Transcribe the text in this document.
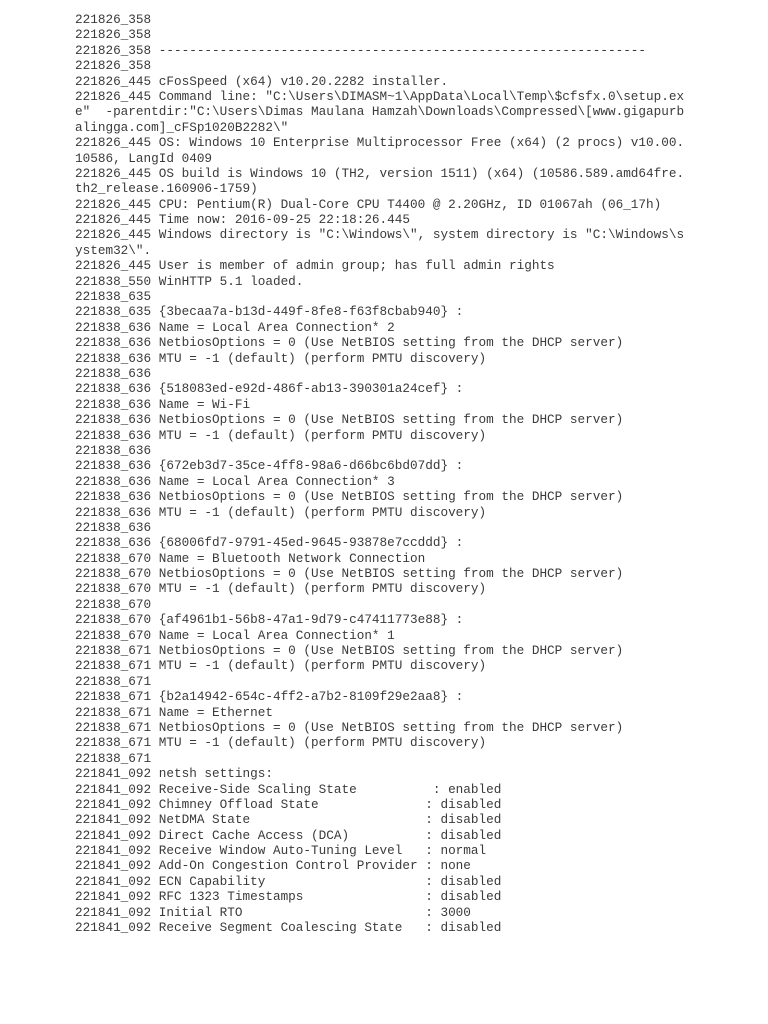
221826_358
221826_358
221826_358 ----------------------------------------------------------------
221826_358
221826_445 cFosSpeed (x64) v10.20.2282 installer.
221826_445 Command line: "C:\Users\DIMASM~1\AppData\Local\Temp\$cfsfx.0\setup.ex
e"  -parentdir:"C:\Users\Dimas Maulana Hamzah\Downloads\Compressed\[www.gigapurb
alingga.com]_cFSp1020B2282\"
221826_445 OS: Windows 10 Enterprise Multiprocessor Free (x64) (2 procs) v10.00.
10586, LangId 0409
221826_445 OS build is Windows 10 (TH2, version 1511) (x64) (10586.589.amd64fre.
th2_release.160906-1759)
221826_445 CPU: Pentium(R) Dual-Core CPU T4400 @ 2.20GHz, ID 01067ah (06_17h)
221826_445 Time now: 2016-09-25 22:18:26.445
221826_445 Windows directory is "C:\Windows\", system directory is "C:\Windows\s
ystem32\".
221826_445 User is member of admin group; has full admin rights
221838_550 WinHTTP 5.1 loaded.
221838_635
221838_635 {3becaa7a-b13d-449f-8fe8-f63f8cbab940} :
221838_636 Name = Local Area Connection* 2
221838_636 NetbiosOptions = 0 (Use NetBIOS setting from the DHCP server)
221838_636 MTU = -1 (default) (perform PMTU discovery)
221838_636
221838_636 {518083ed-e92d-486f-ab13-390301a24cef} :
221838_636 Name = Wi-Fi
221838_636 NetbiosOptions = 0 (Use NetBIOS setting from the DHCP server)
221838_636 MTU = -1 (default) (perform PMTU discovery)
221838_636
221838_636 {672eb3d7-35ce-4ff8-98a6-d66bc6bd07dd} :
221838_636 Name = Local Area Connection* 3
221838_636 NetbiosOptions = 0 (Use NetBIOS setting from the DHCP server)
221838_636 MTU = -1 (default) (perform PMTU discovery)
221838_636
221838_636 {68006fd7-9791-45ed-9645-93878e7ccddd} :
221838_670 Name = Bluetooth Network Connection
221838_670 NetbiosOptions = 0 (Use NetBIOS setting from the DHCP server)
221838_670 MTU = -1 (default) (perform PMTU discovery)
221838_670
221838_670 {af4961b1-56b8-47a1-9d79-c47411773e88} :
221838_670 Name = Local Area Connection* 1
221838_671 NetbiosOptions = 0 (Use NetBIOS setting from the DHCP server)
221838_671 MTU = -1 (default) (perform PMTU discovery)
221838_671
221838_671 {b2a14942-654c-4ff2-a7b2-8109f29e2aa8} :
221838_671 Name = Ethernet
221838_671 NetbiosOptions = 0 (Use NetBIOS setting from the DHCP server)
221838_671 MTU = -1 (default) (perform PMTU discovery)
221838_671
221841_092 netsh settings:
221841_092 Receive-Side Scaling State          : enabled
221841_092 Chimney Offload State              : disabled
221841_092 NetDMA State                       : disabled
221841_092 Direct Cache Access (DCA)          : disabled
221841_092 Receive Window Auto-Tuning Level   : normal
221841_092 Add-On Congestion Control Provider : none
221841_092 ECN Capability                     : disabled
221841_092 RFC 1323 Timestamps                : disabled
221841_092 Initial RTO                        : 3000
221841_092 Receive Segment Coalescing State   : disabled
